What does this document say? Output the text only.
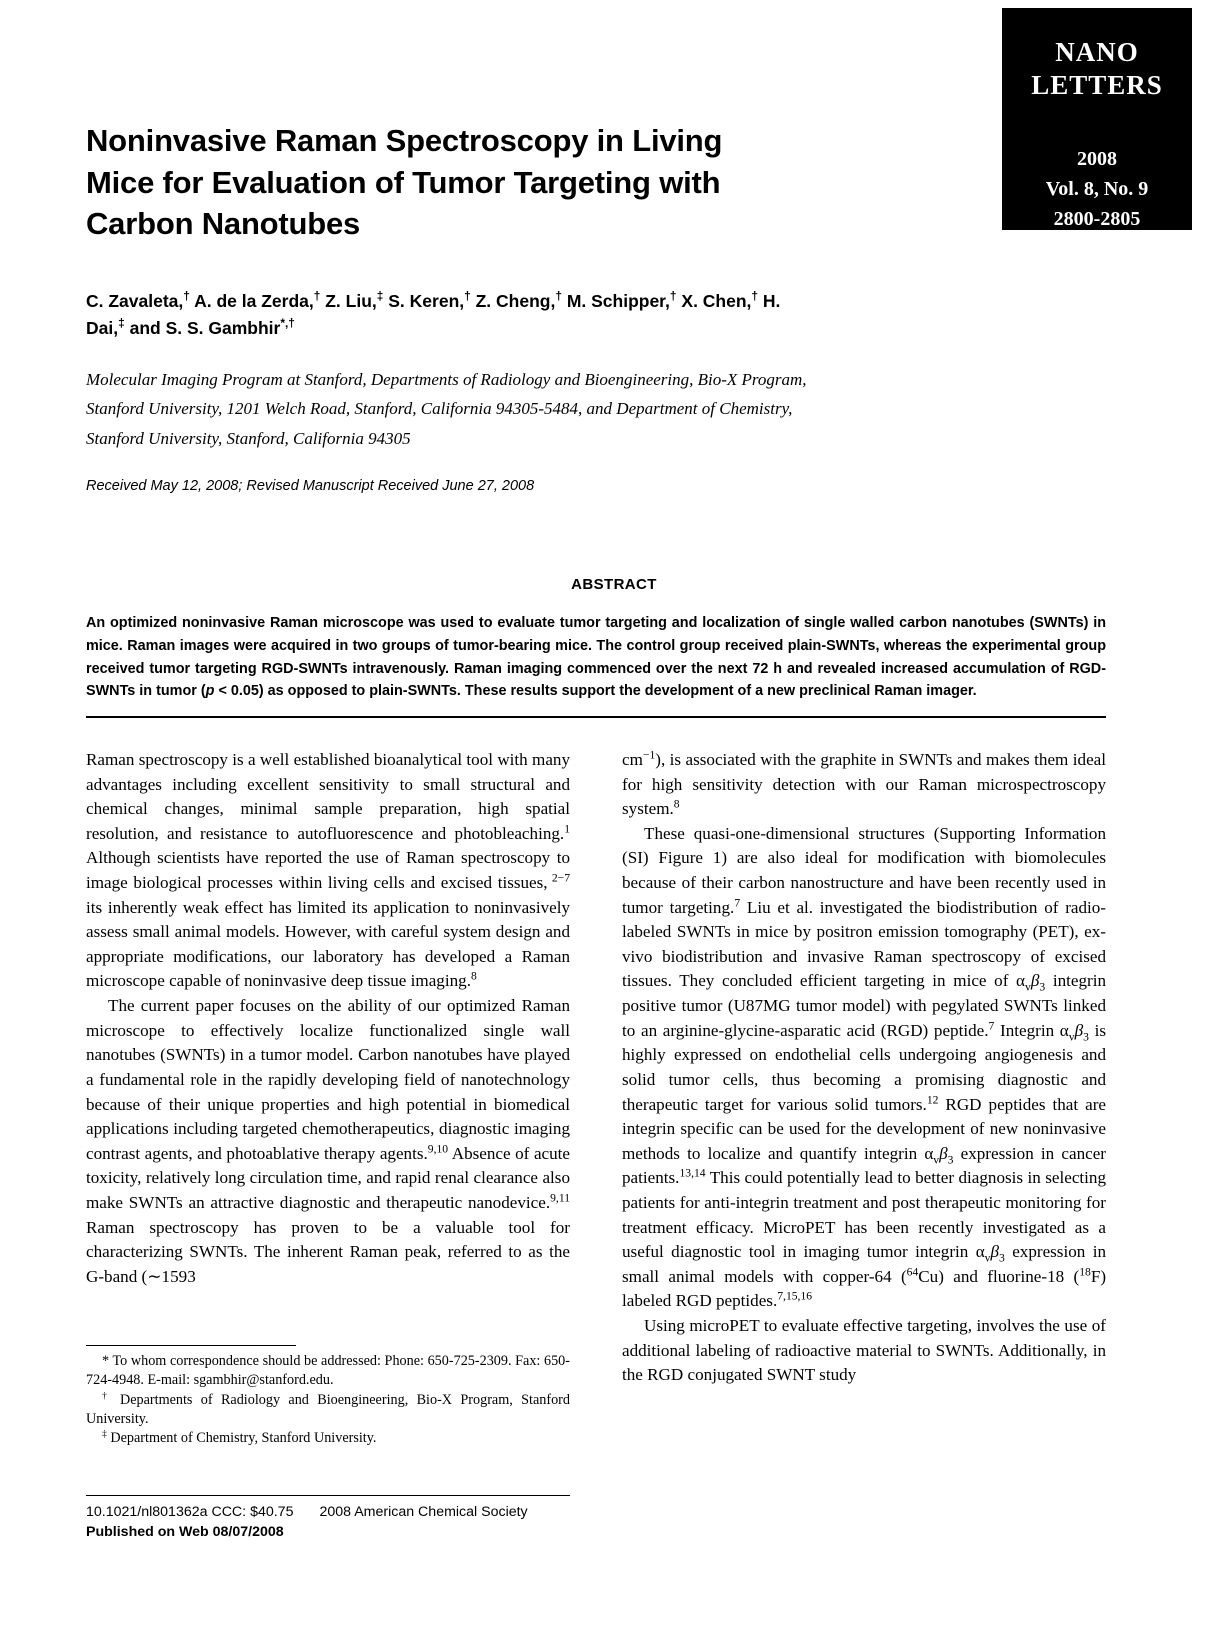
NANO
LETTERS
2008
Vol. 8, No. 9
2800-2805
Noninvasive Raman Spectroscopy in Living Mice for Evaluation of Tumor Targeting with Carbon Nanotubes
C. Zavaleta,† A. de la Zerda,† Z. Liu,‡ S. Keren,† Z. Cheng,† M. Schipper,† X. Chen,† H. Dai,‡ and S. S. Gambhir*,†
Molecular Imaging Program at Stanford, Departments of Radiology and Bioengineering, Bio-X Program, Stanford University, 1201 Welch Road, Stanford, California 94305-5484, and Department of Chemistry, Stanford University, Stanford, California 94305
Received May 12, 2008; Revised Manuscript Received June 27, 2008
ABSTRACT
An optimized noninvasive Raman microscope was used to evaluate tumor targeting and localization of single walled carbon nanotubes (SWNTs) in mice. Raman images were acquired in two groups of tumor-bearing mice. The control group received plain-SWNTs, whereas the experimental group received tumor targeting RGD-SWNTs intravenously. Raman imaging commenced over the next 72 h and revealed increased accumulation of RGD-SWNTs in tumor (p < 0.05) as opposed to plain-SWNTs. These results support the development of a new preclinical Raman imager.

Raman spectroscopy is a well established bioanalytical tool with many advantages including excellent sensitivity to small structural and chemical changes, minimal sample preparation, high spatial resolution, and resistance to autofluorescence and photobleaching.$^1$ Although scientists have reported the use of Raman spectroscopy to image biological processes within living cells and excised tissues, $^{2-7}$ its inherently weak effect has limited its application to noninvasively assess small animal models. However, with careful system design and appropriate modifications, our laboratory has developed a Raman microscope capable of noninvasive deep tissue imaging.$^8$

The current paper focuses on the ability of our optimized Raman microscope to effectively localize functionalized single wall nanotubes (SWNTs) in a tumor model. Carbon nanotubes have played a fundamental role in the rapidly developing field of nanotechnology because of their unique properties and high potential in biomedical applications including targeted chemotherapeutics, diagnostic imaging contrast agents, and photoablative therapy agents.$^{9,10}$ Absence of acute toxicity, relatively long circulation time, and rapid renal clearance also make SWNTs an attractive diagnostic and therapeutic nanodevice.$^{9,11}$ Raman spectroscopy has proven to be a valuable tool for characterizing SWNTs. The inherent Raman peak, referred to as the G-band (∼1593

$cm^{-1}$), is associated with the graphite in SWNTs and makes them ideal for high sensitivity detection with our Raman microspectroscopy system.$^8$

These quasi-one-dimensional structures (Supporting Information (SI) Figure 1) are also ideal for modification with biomolecules because of their carbon nanostructure and have been recently used in tumor targeting.$^7$ Liu et al. investigated the biodistribution of radio-labeled SWNTs in mice by positron emission tomography (PET), ex-vivo biodistribution and invasive Raman spectroscopy of excised tissues. They concluded efficient targeting in mice of $\alpha_v\beta_3$ integrin positive tumor (U87MG tumor model) with pegylated SWNTs linked to an arginine-glycine-asparatic acid (RGD) peptide.$^7$ Integrin $\alpha_v\beta_3$ is highly expressed on endothelial cells undergoing angiogenesis and solid tumor cells, thus becoming a promising diagnostic and therapeutic target for various solid tumors.$^{12}$ RGD peptides that are integrin specific can be used for the development of new noninvasive methods to localize and quantify integrin $\alpha_v\beta_3$ expression in cancer patients.$^{13,14}$ This could potentially lead to better diagnosis in selecting patients for anti-integrin treatment and post therapeutic monitoring for treatment efficacy. MicroPET has been recently investigated as a useful diagnostic tool in imaging tumor integrin $\alpha_v\beta_3$ expression in small animal models with copper-64 ($^{64}$Cu) and fluorine-18 ($^{18}$F) labeled RGD peptides.$^{7,15,16}$

Using microPET to evaluate effective targeting, involves the use of additional labeling of radioactive material to SWNTs. Additionally, in the RGD conjugated SWNT study

* To whom correspondence should be addressed: Phone: 650-725-2309. Fax: 650-724-4948. E-mail: sgambhir@stanford.edu.

† Departments of Radiology and Bioengineering, Bio-X Program, Stanford University.

‡ Department of Chemistry, Stanford University.

10.1021/nl801362a CCC: $40.75 2008 American Chemical Society
Published on Web 08/07/2008
